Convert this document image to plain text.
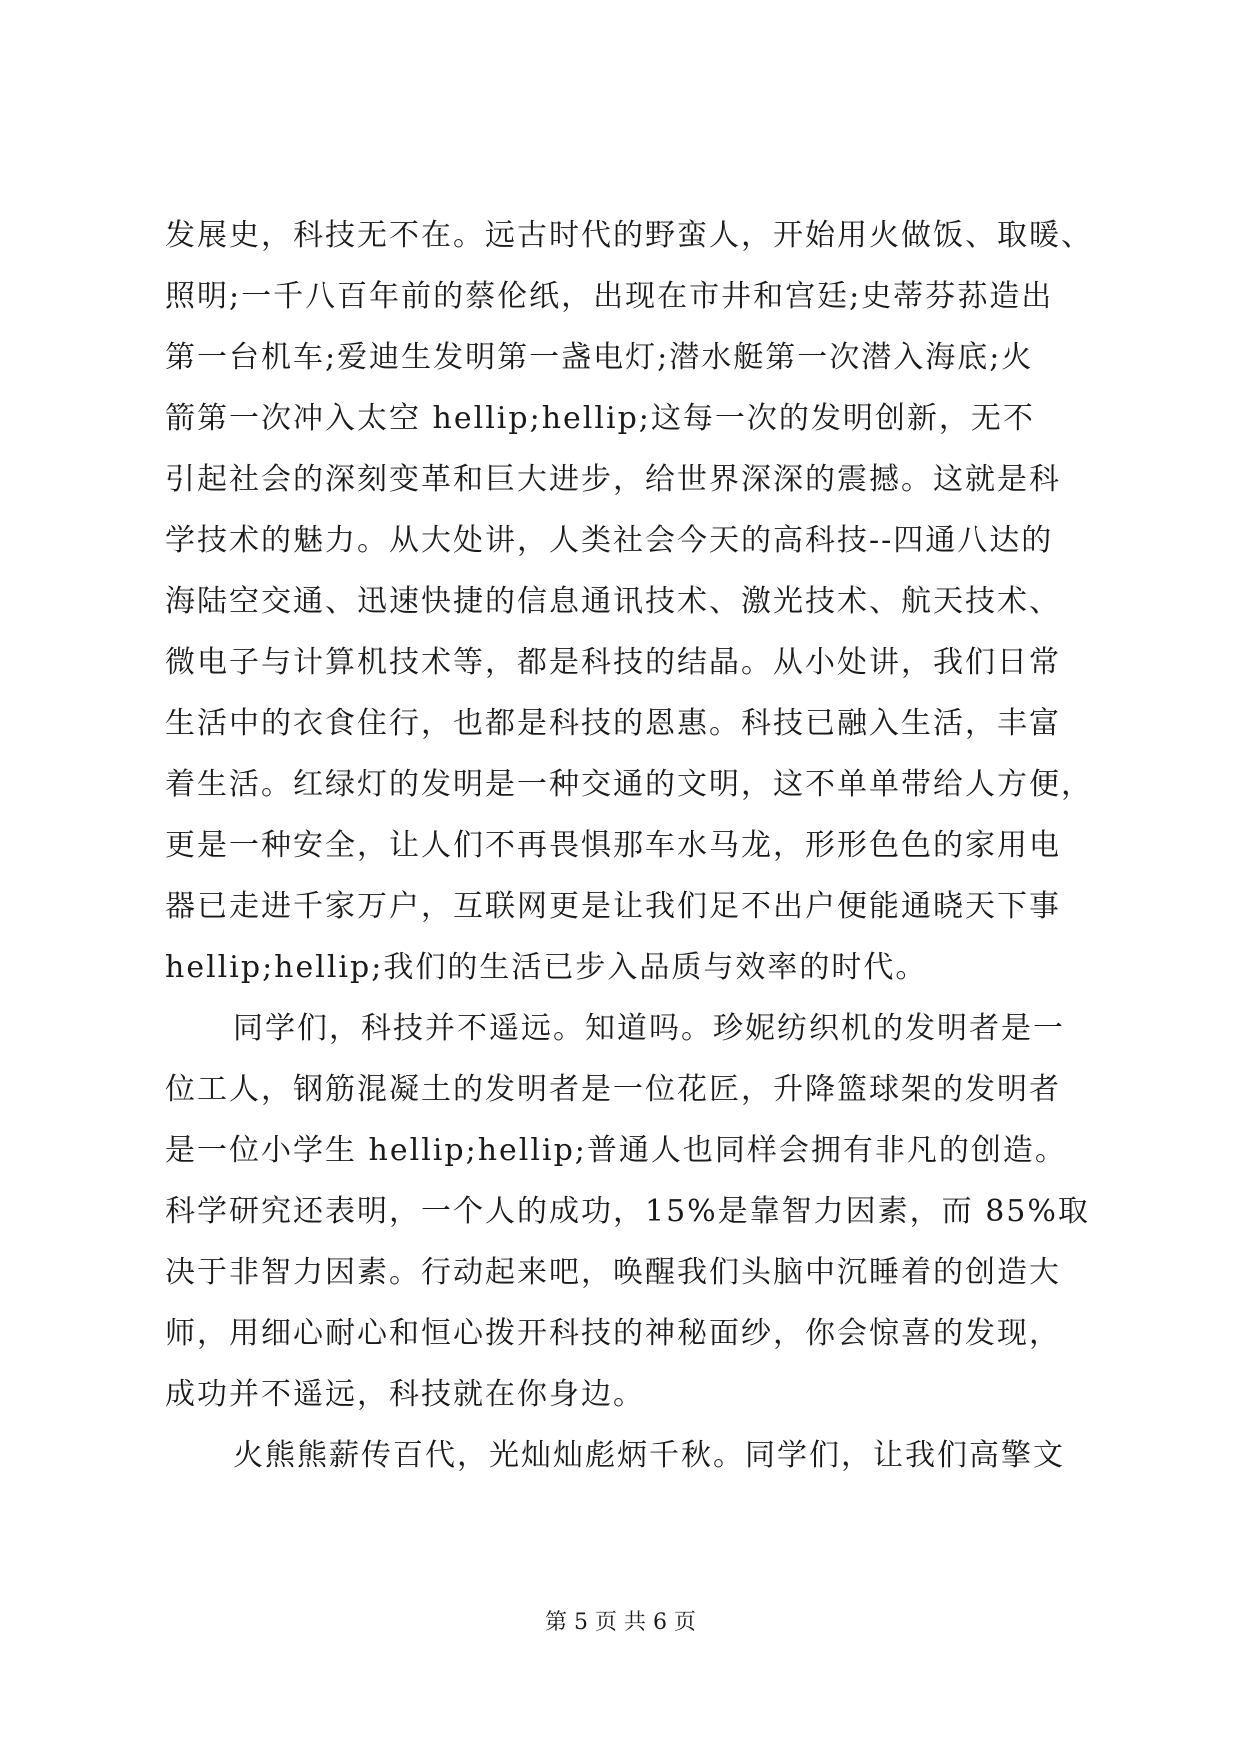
发展史，科技无不在。远古时代的野蛮人，开始用火做饭、取暖、
照明;一千八百年前的蔡伦纸，出现在市井和宫廷;史蒂芬荪造出
第一台机车;爱迪生发明第一盏电灯;潜水艇第一次潜入海底;火
箭第一次冲入太空 hellip;hellip;这每一次的发明创新，无不
引起社会的深刻变革和巨大进步，给世界深深的震撼。这就是科
学技术的魅力。从大处讲，人类社会今天的高科技--四通八达的
海陆空交通、迅速快捷的信息通讯技术、激光技术、航天技术、
微电子与计算机技术等，都是科技的结晶。从小处讲，我们日常
生活中的衣食住行，也都是科技的恩惠。科技已融入生活，丰富
着生活。红绿灯的发明是一种交通的文明，这不单单带给人方便，
更是一种安全，让人们不再畏惧那车水马龙，形形色色的家用电
器已走进千家万户，互联网更是让我们足不出户便能通晓天下事
hellip;hellip;我们的生活已步入品质与效率的时代。
同学们，科技并不遥远。知道吗。珍妮纺织机的发明者是一
位工人，钢筋混凝土的发明者是一位花匠，升降篮球架的发明者
是一位小学生 hellip;hellip;普通人也同样会拥有非凡的创造。
科学研究还表明，一个人的成功，15%是靠智力因素，而 85%取
决于非智力因素。行动起来吧，唤醒我们头脑中沉睡着的创造大
师，用细心耐心和恒心拨开科技的神秘面纱，你会惊喜的发现，
成功并不遥远，科技就在你身边。
火熊熊薪传百代，光灿灿彪炳千秋。同学们，让我们高擎文
第 5 页 共 6 页
